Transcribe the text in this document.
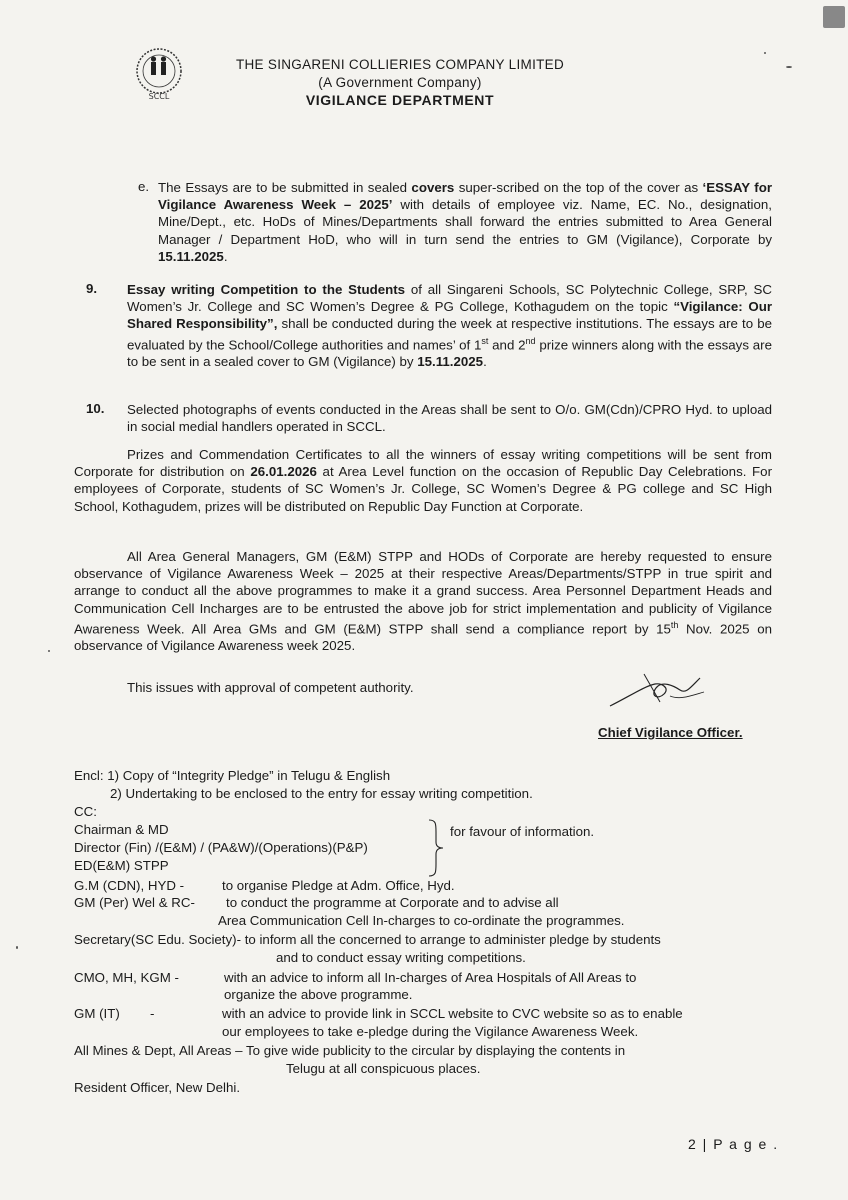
SCCL
THE SINGARENI COLLIERIES COMPANY LIMITED
(A Government Company)
VIGILANCE DEPARTMENT
e. The Essays are to be submitted in sealed covers super-scribed on the top of the cover as ‘ESSAY for Vigilance Awareness Week – 2025’ with details of employee viz. Name, EC. No., designation, Mine/Dept., etc. HoDs of Mines/Departments shall forward the entries submitted to Area General Manager / Department HoD, who will in turn send the entries to GM (Vigilance), Corporate by 15.11.2025.
9. Essay writing Competition to the Students of all Singareni Schools, SC Polytechnic College, SRP, SC Women’s Jr. College and SC Women’s Degree & PG College, Kothagudem on the topic “Vigilance: Our Shared Responsibility”, shall be conducted during the week at respective institutions. The essays are to be evaluated by the School/College authorities and names’ of 1st and 2nd prize winners along with the essays are to be sent in a sealed cover to GM (Vigilance) by 15.11.2025.
10. Selected photographs of events conducted in the Areas shall be sent to O/o. GM(Cdn)/CPRO Hyd. to upload in social medial handlers operated in SCCL.
Prizes and Commendation Certificates to all the winners of essay writing competitions will be sent from Corporate for distribution on 26.01.2026 at Area Level function on the occasion of Republic Day Celebrations. For employees of Corporate, students of SC Women’s Jr. College, SC Women’s Degree & PG college and SC High School, Kothagudem, prizes will be distributed on Republic Day Function at Corporate.
All Area General Managers, GM (E&M) STPP and HODs of Corporate are hereby requested to ensure observance of Vigilance Awareness Week – 2025 at their respective Areas/Departments/STPP in true spirit and arrange to conduct all the above programmes to make it a grand success. Area Personnel Department Heads and Communication Cell Incharges are to be entrusted the above job for strict implementation and publicity of Vigilance Awareness Week. All Area GMs and GM (E&M) STPP shall send a compliance report by 15th Nov. 2025 on observance of Vigilance Awareness week 2025.
This issues with approval of competent authority.
Chief Vigilance Officer.
Encl: 1) Copy of “Integrity Pledge” in Telugu & English
2) Undertaking to be enclosed to the entry for essay writing competition.
CC:
Chairman & MD
Director (Fin) /(E&M) / (PA&W)/(Operations)(P&P)
ED(E&M) STPP
for favour of information.
G.M (CDN), HYD -	to organise Pledge at Adm. Office, Hyd.
GM (Per) Wel & RC- to conduct the programme at Corporate and to advise all
Area Communication Cell In-charges to co-ordinate the programmes.
Secretary(SC Edu. Society)- to inform all the concerned to arrange to administer pledge by students
and to conduct essay writing competitions.
CMO, MH, KGM -	with an advice to inform all In-charges of Area Hospitals of All Areas to
organize the above programme.
GM (IT) -	with an advice to provide link in SCCL website to CVC website so as to enable
our employees to take e-pledge during the Vigilance Awareness Week.
All Mines & Dept, All Areas – To give wide publicity to the circular by displaying the contents in
Telugu at all conspicuous places.
Resident Officer, New Delhi.
2 | P a g e .
